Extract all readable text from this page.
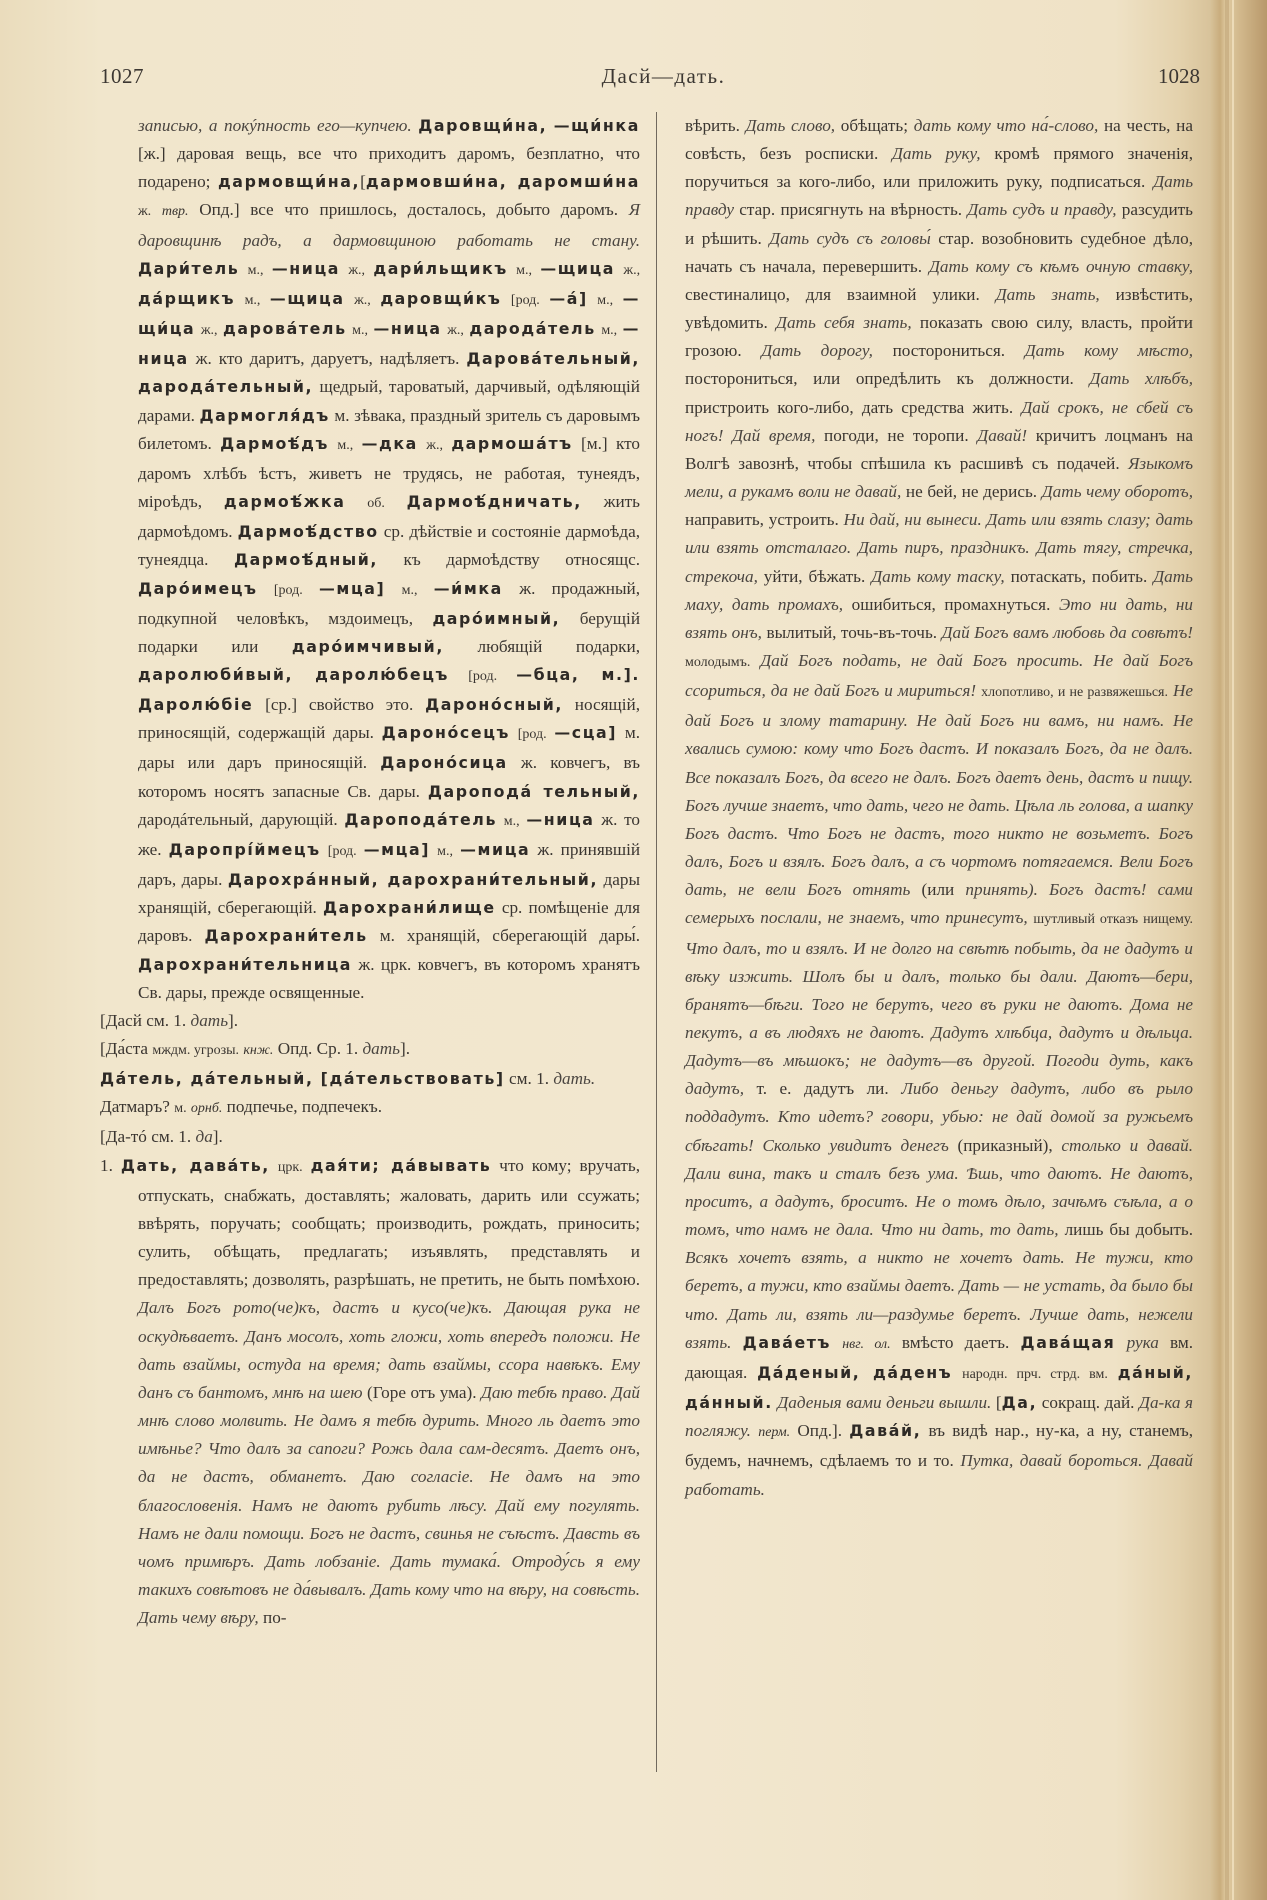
1027	Дасй—дать.	1028

записью, а покýпность его—купчею. Даровщи́на, —щи́нка [ж.] даровая вещь, все что приходитъ даромъ, безплатно, что подарено; дармовщи́на,[дармовши́на, даромши́на ж. твр. Опд.] все что пришлось, досталось, добыто даромъ. Я даровщинѣ радъ, а дармовщиною работать не стану. Дари́тель м., —ница ж., дари́льщикъ м., —щица ж., да́рщикъ м., —щица ж., даровщи́къ [род. —á] м., —щи́ца ж., дарова́тель м., —ница ж., дарода́тель м., —ница ж. кто даритъ, даруетъ, надѣляетъ. Дарова́тельный, дарода́тельный, щедрый, тароватый, дарчивый, одѣляющій дарами. Дармогля́дъ м. зѣвака, праздный зритель съ даровымъ билетомъ. Дармоѣ́дъ м., —дка ж., дармоша́тъ [м.] кто даромъ хлѣбъ ѣстъ, живетъ не трудясь, не работая, тунеядъ, міроѣдъ, дармоѣ́жка об. Дармоѣ́дничать, жить дармоѣдомъ. Дармоѣ́дство ср. дѣйствіе и состояніе дармоѣда, тунеядца. Дармоѣ́дный, къ дармоѣдству относящс. Даро́имецъ [род. —мца] м., —и́мка ж. продажный, подкупной человѣкъ, мздоимецъ, даро́имный, берущій подарки или даро́имчивый, любящій подарки, даролюби́вый, даролю́бецъ [род. —бца, м.]. Даролю́біе [ср.] свойство это. Даронóсный, носящій, приносящій, содержащій дары. Даронóсецъ [род. —сца] м. дары или даръ приносящій. Даронóсица ж. ковчегъ, въ которомъ носятъ запасные Св. дары. Дароподá тельный, дародáтельный, дарующій. Даропода́тель м., —ница ж. то же. Даропрі́ймецъ [род. —мца] м., —мица ж. принявшій даръ, дары. Дарохра́нный, дарохрани́тельный, дары хранящій, сберегающій. Дарохрани́лище ср. помѣщеніе для даровъ. Дарохрани́тель м. хранящій, сберегающій дары́. Дарохрани́тельница ж. црк. ковчегъ, въ которомъ хранятъ Св. дары, прежде освященные.

[Дасй см. 1. дать].

[Да́ста мждм. угрозы. кнж. Опд. Ср. 1. дать].

Да́тель, да́тельный, [да́тельствовать] см. 1. дать.

Датмаръ? м. орнб. подпечье, подпечекъ.

[Да-тó см. 1. да].

1. Дать, дава́ть, црк. дая́ти; да́вывать что кому; вручать, отпускать, снабжать, доставлять; жаловать, дарить или ссужать; ввѣрять, поручать; сообщать; производить, рождать, приносить; сулить, обѣщать, предлагать; изъявлять, представлять и предоставлять; дозволять, разрѣшать, не претить, не быть помѣхою. Далъ Богъ рото(че)къ, дастъ и кусо(че)къ. Дающая рука не оскудѣваетъ. Данъ мосолъ, хоть гложи, хоть впередъ положи. Не дать взаймы, остуда на время; дать взаймы, ссора навѣкъ. Ему данъ съ бантомъ, мнѣ на шею (Горе отъ ума). Даю тебѣ право. Дай мнѣ слово молвить. Не дамъ я тебѣ дурить. Много ль даетъ это имѣнье? Что далъ за сапоги? Рожь дала сам-десятъ. Даетъ онъ, да не дастъ, обманетъ. Даю согласіе. Не дамъ на это благословенія. Намъ не даютъ рубить лѣсу. Дай ему погулять. Намъ не дали помощи. Богъ не дастъ, свинья не съѣстъ. Давсть въ чомъ примѣръ. Дать лобзаніе. Дать тумака́. Отроду́сь я ему такихъ совѣтовъ не да́вывалъ. Дать кому что на вѣру, на совѣсть. Дать чему вѣру, по-

вѣрить. Дать слово, обѣщать; дать кому что на́-слово, на честь, на совѣсть, безъ росписки. Дать руку, кромѣ прямого значенія, поручиться за кого-либо, или приложить руку, подписаться. Дать правду стар. присягнуть на вѣрность. Дать судъ и правду, разсудить и рѣшить. Дать судъ съ головы́ стар. возобновить судебное дѣло, начать съ начала, перевершить. Дать кому съ кѣмъ очную ставку, свестиналицо, для взаимной улики. Дать знать, извѣстить, увѣдомить. Дать себя знать, показать свою силу, власть, пройти грозою. Дать дорогу, посторониться. Дать кому мѣсто, посторониться, или опредѣлить къ должности. Дать хлѣбъ, пристроить кого-либо, дать средства жить. Дай срокъ, не сбей съ ногъ! Дай время, погоди, не торопи. Давай! кричитъ лоцманъ на Волгѣ завознѣ, чтобы спѣшила къ расшивѣ съ подачей. Языкомъ мели, а рукамъ воли не давай, не бей, не дерись. Дать чему оборотъ, направить, устроить. Ни дай, ни вынеси. Дать или взять слазу; дать или взять отсталаго. Дать пиръ, праздникъ. Дать тягу, стречка, стрекоча, уйти, бѣжать. Дать кому таску, потаскать, побить. Дать маху, дать промахъ, ошибиться, промахнуться. Это ни дать, ни взять онъ, вылитый, точь-въ-точь. Дай Богъ вамъ любовь да совѣтъ! молодымъ. Дай Богъ подать, не дай Богъ просить. Не дай Богъ ссориться, да не дай Богъ и мириться! хлопотливо, и не развяжешься. Не дай Богъ и злому татарину. Не дай Богъ ни вамъ, ни намъ. Не хвались сумою: кому что Богъ дастъ. И показалъ Богъ, да не далъ. Все показалъ Богъ, да всего не далъ. Богъ даетъ день, дастъ и пищу. Богъ лучше знаетъ, что дать, чего не дать. Цѣла ль голова, а шапку Богъ дастъ. Что Богъ не дастъ, того никто не возьметъ. Богъ далъ, Богъ и взялъ. Богъ далъ, а съ чортомъ потягаемся. Вели Богъ дать, не вели Богъ отнять (или принять). Богъ дастъ! сами семерыхъ послали, не знаемъ, что принесутъ, шутливый отказъ нищему. Что далъ, то и взялъ. И не долго на свѣтѣ побыть, да не дадутъ и вѣку изжить. Шолъ бы и далъ, только бы дали. Даютъ—бери, бранятъ—бѣги. Того не берутъ, чего въ руки не даютъ. Дома не пекутъ, а въ людяхъ не даютъ. Дадутъ хлѣбца, дадутъ и дѣльца. Дадутъ—въ мѣшокъ; не дадутъ—въ другой. Погоди дуть, какъ дадутъ, т. е. дадутъ ли. Либо деньгу дадутъ, либо въ рыло поддадутъ. Кто идетъ? говори, убью: не дай домой за ружьемъ сбѣгать! Сколько увидитъ денегъ (приказный), столько и давай. Дали вина, такъ и сталъ безъ ума. Ѣшь, что даютъ. Не даютъ, проситъ, а дадутъ, броситъ. Не о томъ дѣло, зачѣмъ съѣла, а о томъ, что намъ не дала. Что ни дать, то дать, лишь бы добыть. Всякъ хочетъ взять, а никто не хочетъ дать. Не тужи, кто беретъ, а тужи, кто взаймы даетъ. Дать — не устать, да было бы что. Дать ли, взять ли—раздумье беретъ. Лучше дать, нежели взять. Дава́етъ нвг. ол. вмѣсто даетъ. Дава́щая рука вм. дающая. Да́деный, да́денъ народн. прч. стрд. вм. да́ный, да́нный. Даденыя вами деньги вышли. [Да, сокращ. дай. Да-ка я погляжу. перм. Опд.]. Дава́й, въ видѣ нар., ну-ка, а ну, станемъ, будемъ, начнемъ, сдѣлаемъ то и то. Путка, давай бороться. Давай работать.
